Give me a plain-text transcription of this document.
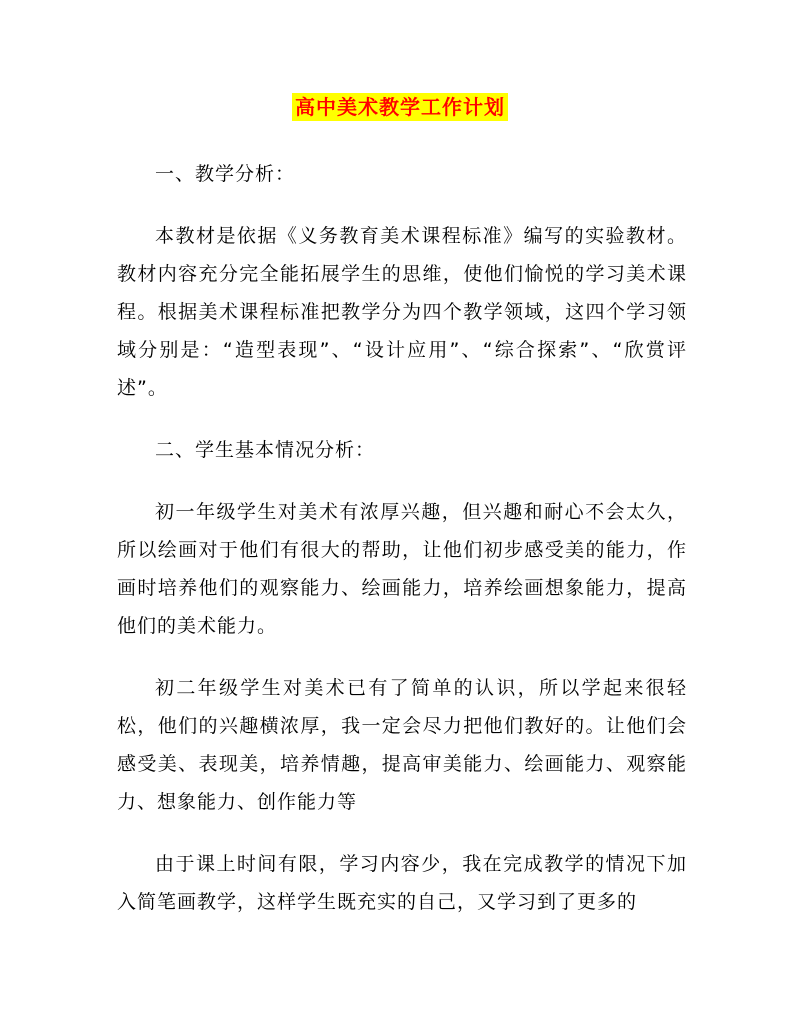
高中美术教学工作计划

一、教学分析：

本教材是依据《义务教育美术课程标准》编写的实验教材。教材内容充分完全能拓展学生的思维，使他们愉悦的学习美术课程。根据美术课程标准把教学分为四个教学领域，这四个学习领域分别是：“造型表现”、“设计应用”、“综合探索”、“欣赏评述”。

二、学生基本情况分析：

初一年级学生对美术有浓厚兴趣，但兴趣和耐心不会太久，所以绘画对于他们有很大的帮助，让他们初步感受美的能力，作画时培养他们的观察能力、绘画能力，培养绘画想象能力，提高他们的美术能力。

初二年级学生对美术已有了简单的认识，所以学起来很轻松，他们的兴趣横浓厚，我一定会尽力把他们教好的。让他们会感受美、表现美，培养情趣，提高审美能力、绘画能力、观察能力、想象能力、创作能力等

由于课上时间有限，学习内容少，我在完成教学的情况下加入简笔画教学，这样学生既充实的自己，又学习到了更多的
